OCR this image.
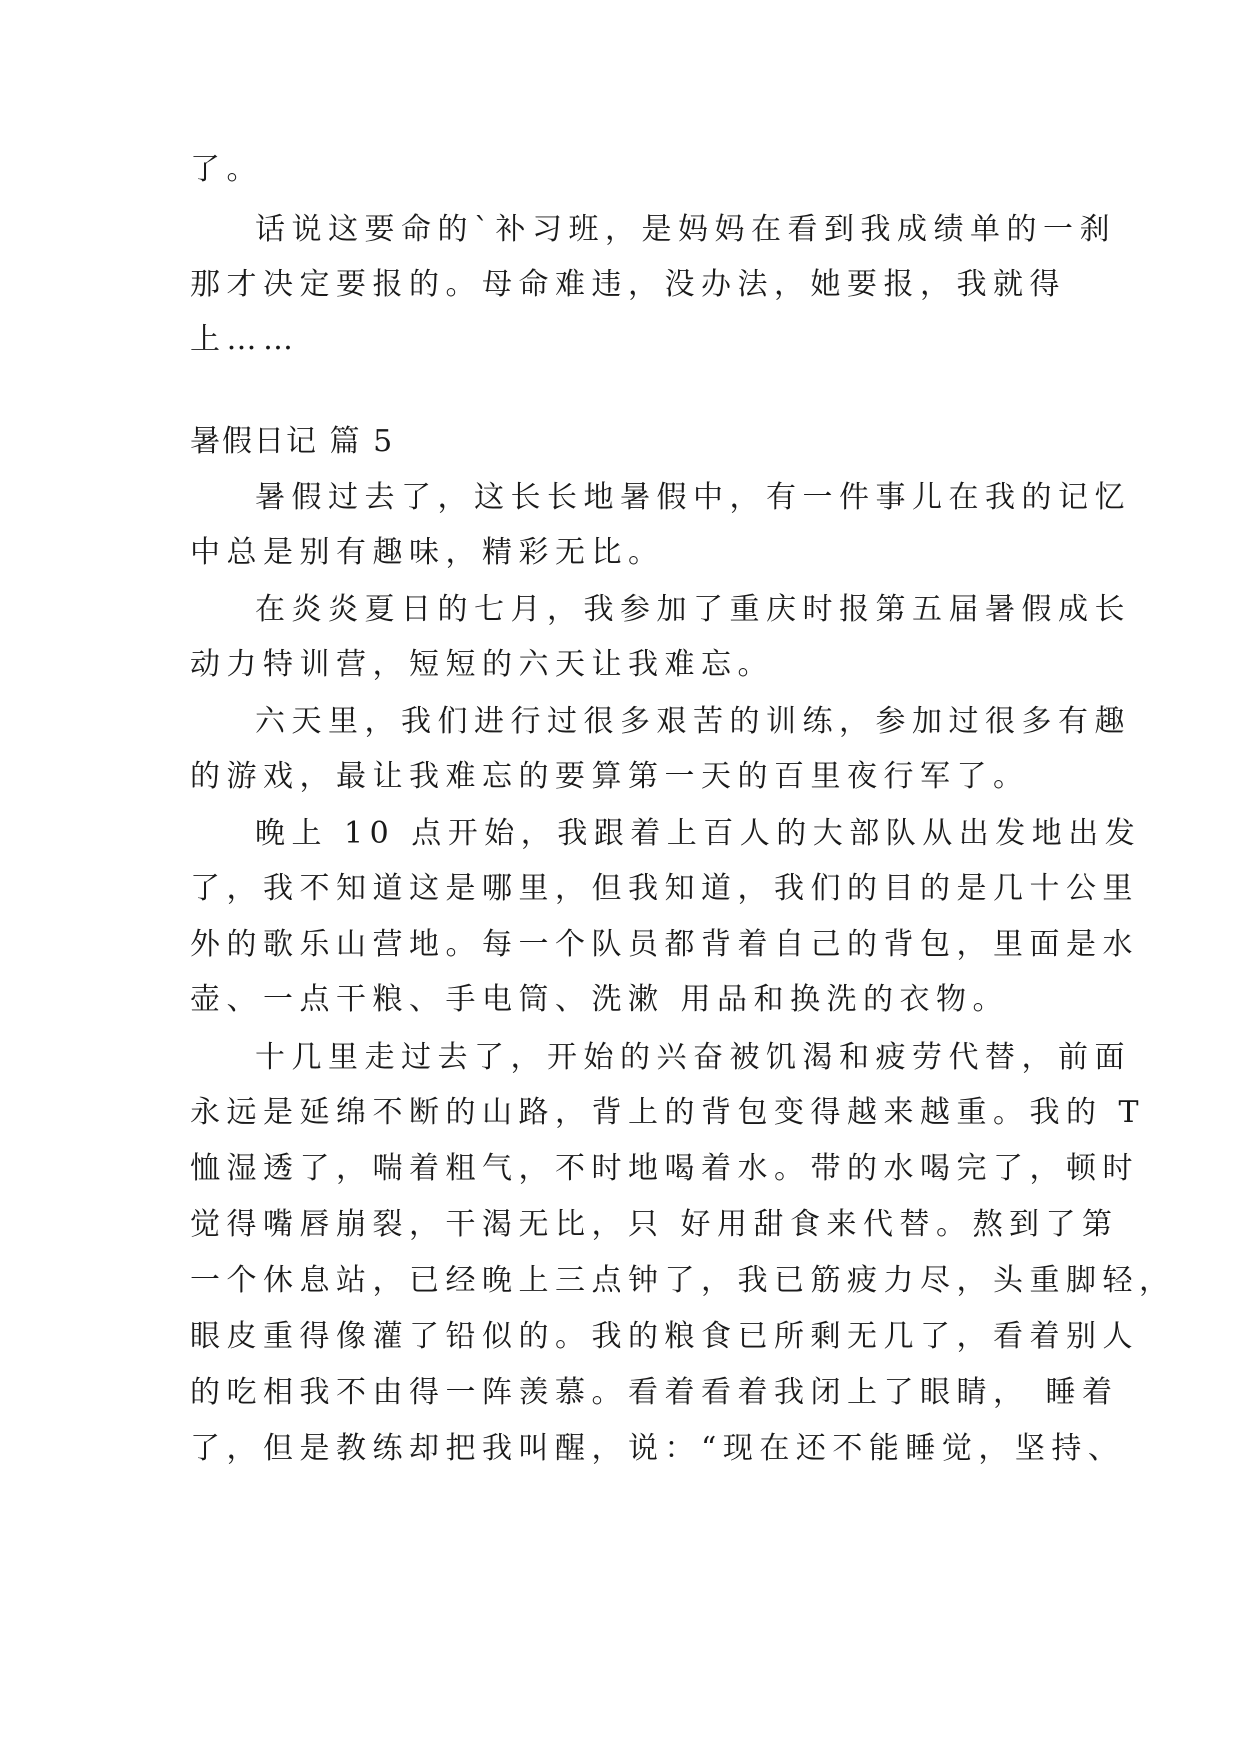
了。
话说这要命的`补习班，是妈妈在看到我成绩单的一刹
那才决定要报的。母命难违，没办法，她要报，我就得
上……
暑假日记 篇 5
暑假过去了，这长长地暑假中，有一件事儿在我的记忆
中总是别有趣味，精彩无比。
在炎炎夏日的七月，我参加了重庆时报第五届暑假成长
动力特训营，短短的六天让我难忘。
六天里，我们进行过很多艰苦的训练，参加过很多有趣
的游戏，最让我难忘的要算第一天的百里夜行军了。
晚上 10 点开始，我跟着上百人的大部队从出发地出发
了，我不知道这是哪里，但我知道，我们的目的是几十公里
外的歌乐山营地。每一个队员都背着自己的背包，里面是水
壶、一点干粮、手电筒、洗漱 用品和换洗的衣物。
十几里走过去了，开始的兴奋被饥渴和疲劳代替，前面
永远是延绵不断的山路，背上的背包变得越来越重。我的 T
恤湿透了，喘着粗气，不时地喝着水。带的水喝完了，顿时
觉得嘴唇崩裂，干渴无比，只 好用甜食来代替。熬到了第
一个休息站，已经晚上三点钟了，我已筋疲力尽，头重脚轻，
眼皮重得像灌了铅似的。我的粮食已所剩无几了，看着别人
的吃相我不由得一阵羡慕。看着看着我闭上了眼睛， 睡着
了，但是教练却把我叫醒，说：“现在还不能睡觉，坚持、
